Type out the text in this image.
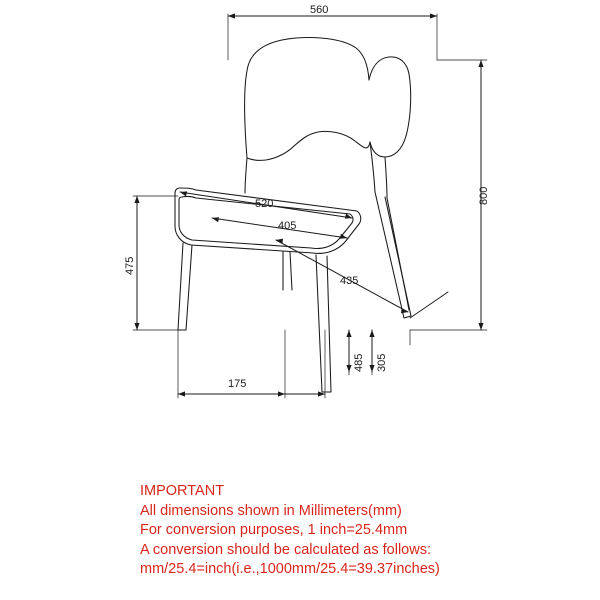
560
800
520
405
475
435
175
485 305
IMPORTANT
All dimensions shown in Millimeters(mm)
For conversion purposes, 1 inch=25.4mm
A conversion should be calculated as follows:
mm/25.4=inch(i.e.,1000mm/25.4=39.37inches)
